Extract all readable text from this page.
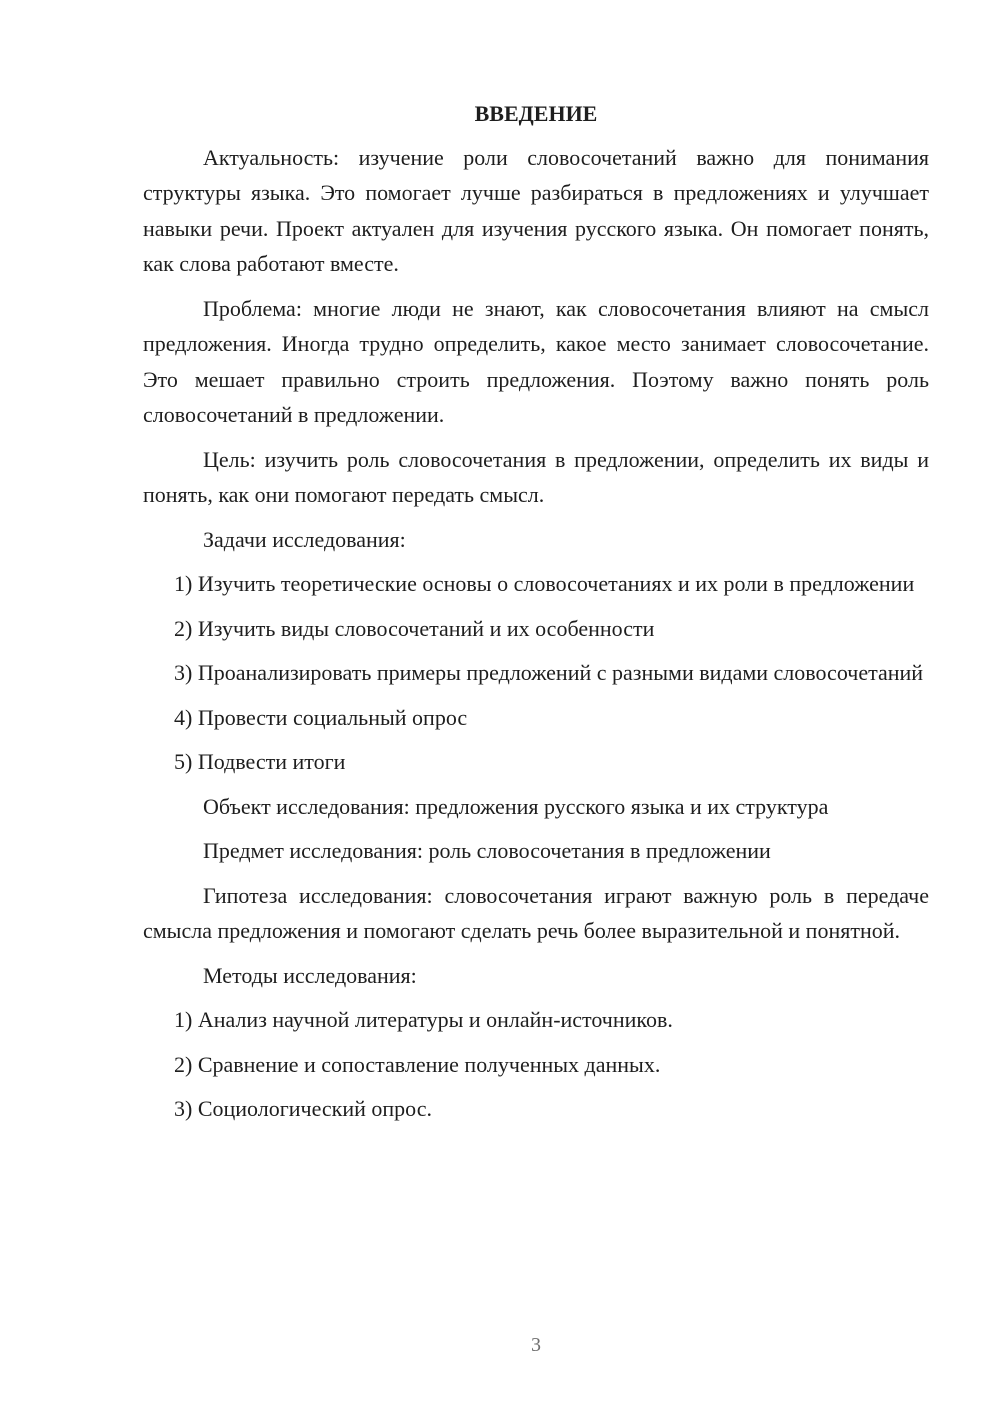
ВВЕДЕНИЕ

Актуальность: изучение роли словосочетаний важно для понимания структуры языка. Это помогает лучше разбираться в предложениях и улучшает навыки речи. Проект актуален для изучения русского языка. Он помогает понять, как слова работают вместе.

Проблема: многие люди не знают, как словосочетания влияют на смысл предложения. Иногда трудно определить, какое место занимает словосочетание. Это мешает правильно строить предложения. Поэтому важно понять роль словосочетаний в предложении.

Цель: изучить роль словосочетания в предложении, определить их виды и понять, как они помогают передать смысл.

Задачи исследования:

1) Изучить теоретические основы о словосочетаниях и их роли в предложении

2) Изучить виды словосочетаний и их особенности

3) Проанализировать примеры предложений с разными видами словосочетаний

4) Провести социальный опрос

5) Подвести итоги

Объект исследования: предложения русского языка и их структура

Предмет исследования: роль словосочетания в предложении

Гипотеза исследования: словосочетания играют важную роль в передаче смысла предложения и помогают сделать речь более выразительной и понятной.

Методы исследования:

1) Анализ научной литературы и онлайн-источников.

2) Сравнение и сопоставление полученных данных.

3) Социологический опрос.

3
